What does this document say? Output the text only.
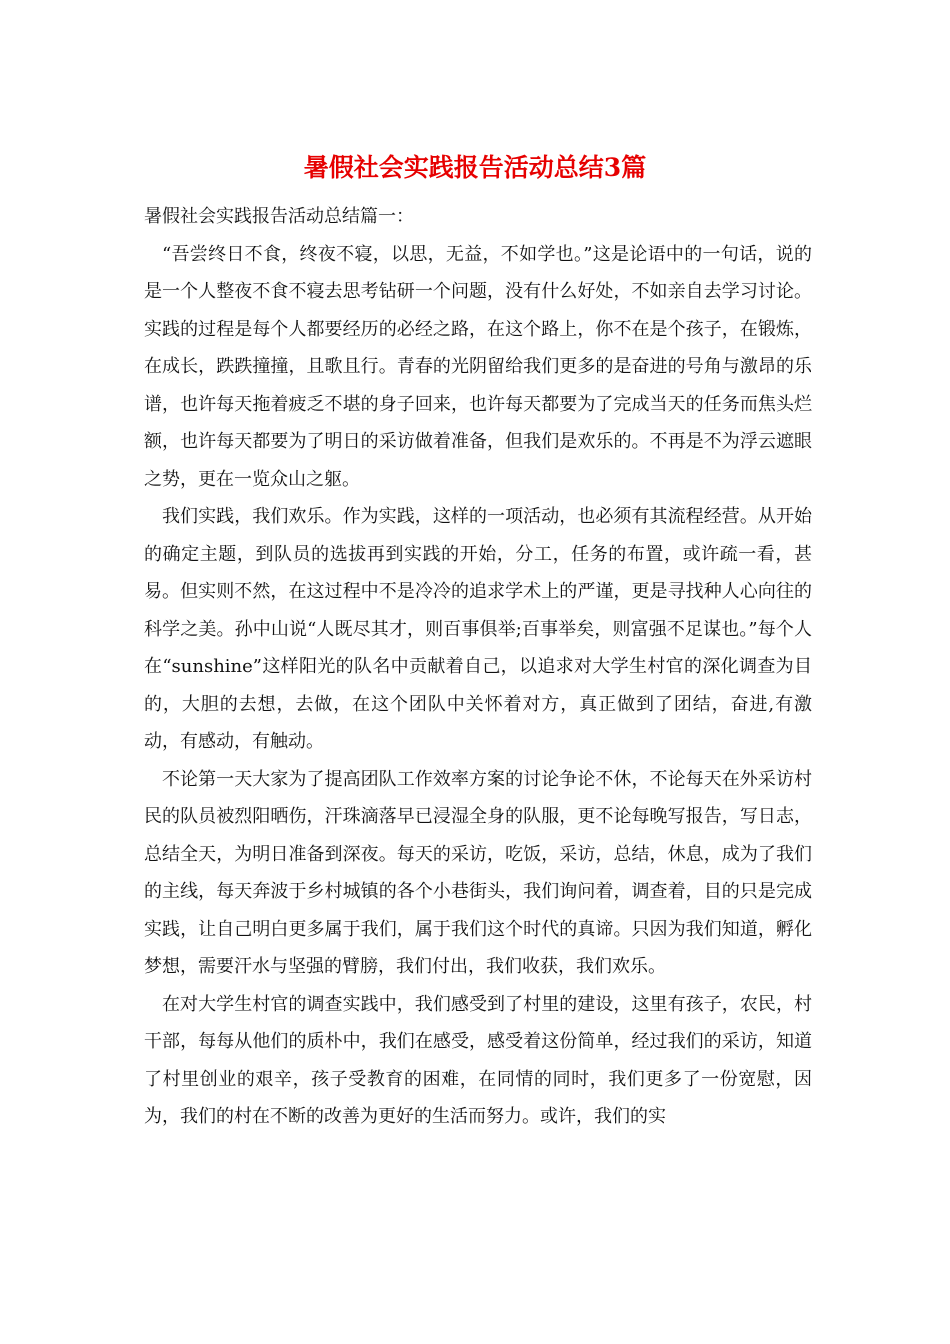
暑假社会实践报告活动总结3篇

暑假社会实践报告活动总结篇一：

“吾尝终日不食，终夜不寝，以思，无益，不如学也。”这是论语中的一句话，说的是一个人整夜不食不寝去思考钻研一个问题，没有什么好处，不如亲自去学习讨论。实践的过程是每个人都要经历的必经之路，在这个路上，你不在是个孩子，在锻炼，在成长，跌跌撞撞，且歌且行。青春的光阴留给我们更多的是奋进的号角与激昂的乐谱，也许每天拖着疲乏不堪的身子回来，也许每天都要为了完成当天的任务而焦头烂额，也许每天都要为了明日的采访做着准备，但我们是欢乐的。不再是不为浮云遮眼之势，更在一览众山之躯。

我们实践，我们欢乐。作为实践，这样的一项活动，也必须有其流程经营。从开始的确定主题，到队员的选拔再到实践的开始，分工，任务的布置，或许疏一看，甚易。但实则不然，在这过程中不是冷冷的追求学术上的严谨，更是寻找种人心向往的科学之美。孙中山说“人既尽其才，则百事俱举;百事举矣，则富强不足谋也。”每个人在“sunshine”这样阳光的队名中贡献着自己，以追求对大学生村官的深化调查为目的，大胆的去想，去做，在这个团队中关怀着对方，真正做到了团结，奋进,有激动，有感动，有触动。

不论第一天大家为了提高团队工作效率方案的讨论争论不休，不论每天在外采访村民的队员被烈阳晒伤，汗珠滴落早已浸湿全身的队服，更不论每晚写报告，写日志，总结全天，为明日准备到深夜。每天的采访，吃饭，采访，总结，休息，成为了我们的主线，每天奔波于乡村城镇的各个小巷街头，我们询问着，调查着，目的只是完成实践，让自己明白更多属于我们，属于我们这个时代的真谛。只因为我们知道，孵化梦想，需要汗水与坚强的臂膀，我们付出，我们收获，我们欢乐。

在对大学生村官的调查实践中，我们感受到了村里的建设，这里有孩子，农民，村干部，每每从他们的质朴中，我们在感受，感受着这份简单，经过我们的采访，知道了村里创业的艰辛，孩子受教育的困难，在同情的同时，我们更多了一份宽慰，因为，我们的村在不断的改善为更好的生活而努力。或许，我们的实
